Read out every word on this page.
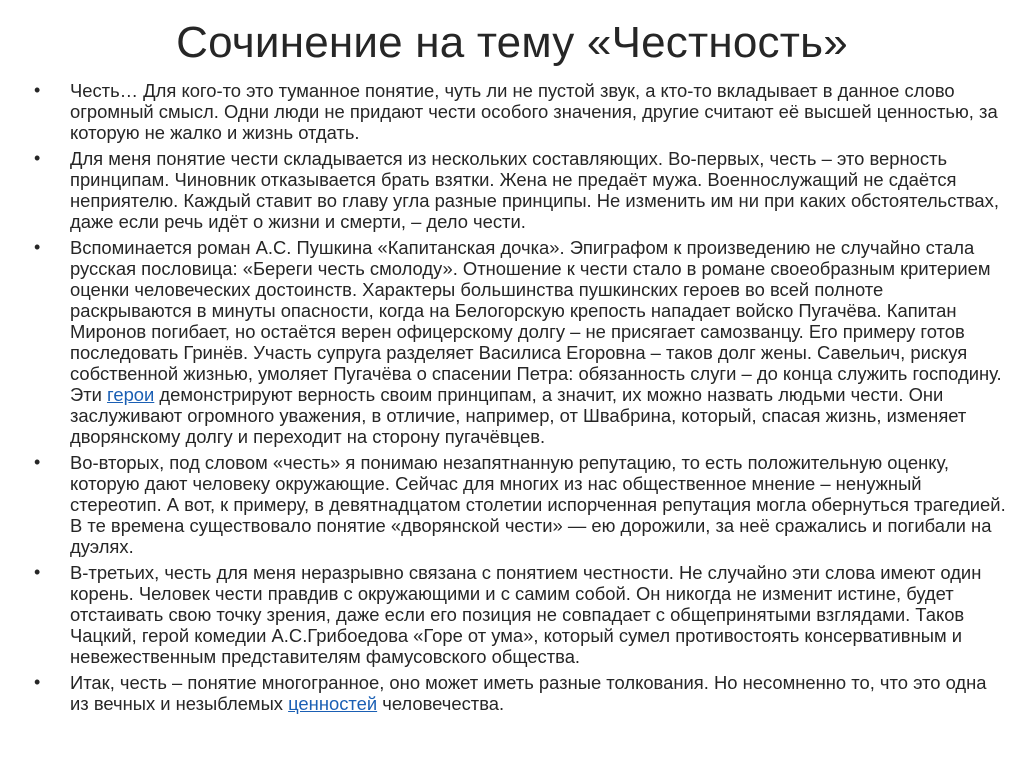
Сочинение на тему «Честность»
• Честь… Для кого-то это туманное понятие, чуть ли не пустой звук, а кто-то вкладывает в данное слово огромный смысл. Одни люди не придают чести особого значения, другие считают её высшей ценностью, за которую не жалко и жизнь отдать.
• Для меня понятие чести складывается из нескольких составляющих. Во-первых, честь – это верность принципам. Чиновник отказывается брать взятки. Жена не предаёт мужа. Военнослужащий не сдаётся неприятелю. Каждый ставит во главу угла разные принципы. Не изменить им ни при каких обстоятельствах, даже если речь идёт о жизни и смерти, – дело чести.
• Вспоминается роман А.С. Пушкина «Капитанская дочка». Эпиграфом к произведению не случайно стала русская пословица: «Береги честь смолоду». Отношение к чести стало в романе своеобразным критерием оценки человеческих достоинств. Характеры большинства пушкинских героев во всей полноте раскрываются в минуты опасности, когда на Белогорскую крепость нападает войско Пугачёва. Капитан Миронов погибает, но остаётся верен офицерскому долгу – не присягает самозванцу. Его примеру готов последовать Гринёв. Участь супруга разделяет Василиса Егоровна – таков долг жены. Савельич, рискуя собственной жизнью, умоляет Пугачёва о спасении Петра: обязанность слуги – до конца служить господину. Эти герои демонстрируют верность своим принципам, а значит, их можно назвать людьми чести. Они заслуживают огромного уважения, в отличие, например, от Швабрина, который, спасая жизнь, изменяет дворянскому долгу и переходит на сторону пугачёвцев.
• Во-вторых, под словом «честь» я понимаю незапятнанную репутацию, то есть положительную оценку, которую дают человеку окружающие. Сейчас для многих из нас общественное мнение – ненужный стереотип. А вот, к примеру, в девятнадцатом столетии испорченная репутация могла обернуться трагедией. В те времена существовало понятие «дворянской чести» — ею дорожили, за неё сражались и погибали на дуэлях.
• В-третьих, честь для меня неразрывно связана с понятием честности. Не случайно эти слова имеют один корень. Человек чести правдив с окружающими и с самим собой. Он никогда не изменит истине, будет отстаивать свою точку зрения, даже если его позиция не совпадает с общепринятыми взглядами. Таков Чацкий, герой комедии А.С.Грибоедова «Горе от ума», который сумел противостоять консервативным и невежественным представителям фамусовского общества.
• Итак, честь – понятие многогранное, оно может иметь разные толкования. Но несомненно то, что это одна из вечных и незыблемых ценностей человечества.
